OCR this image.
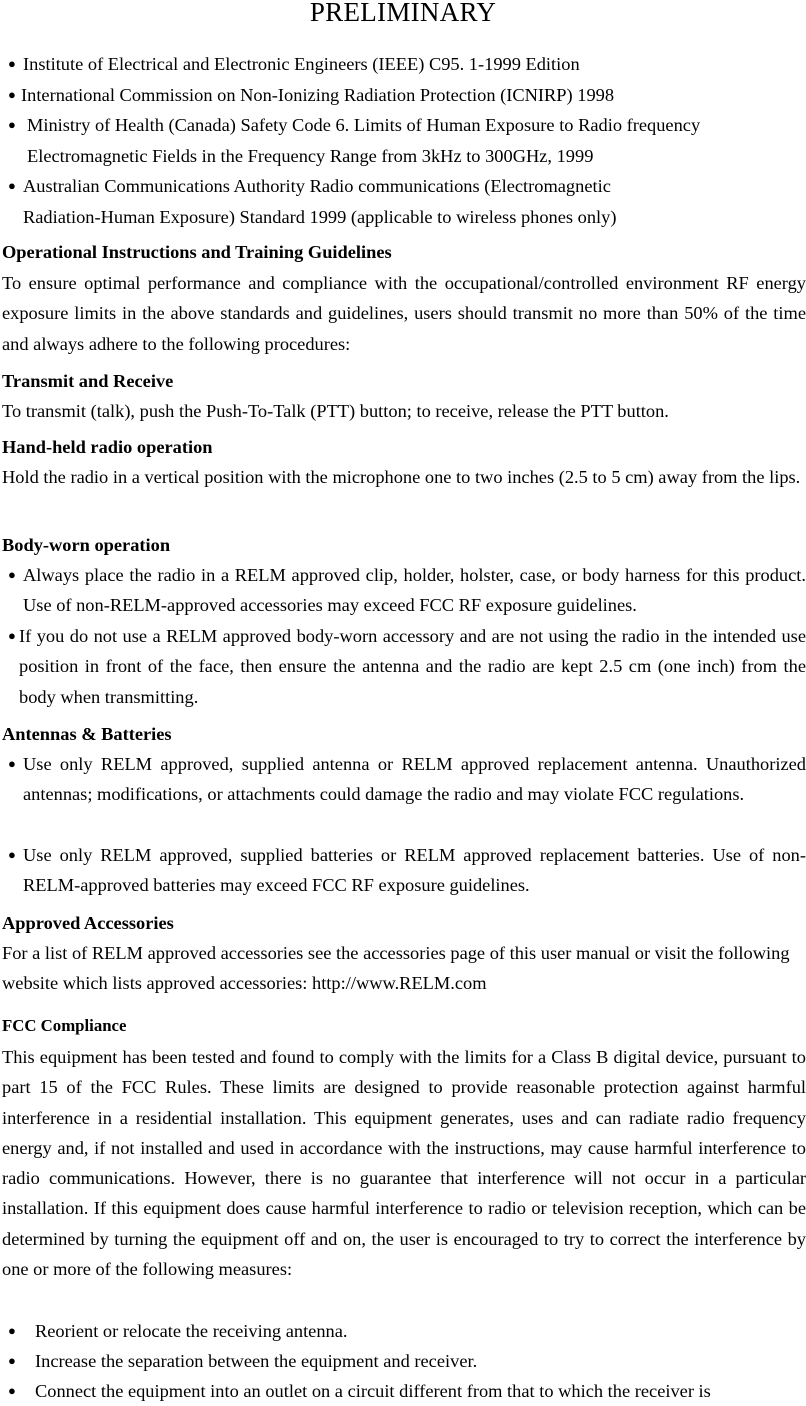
PRELIMINARY
● Institute of Electrical and Electronic Engineers (IEEE) C95. 1-1999 Edition
● International Commission on Non-Ionizing Radiation Protection (ICNIRP) 1998
● Ministry of Health (Canada) Safety Code 6. Limits of Human Exposure to Radio frequency
Electromagnetic Fields in the Frequency Range from 3kHz to 300GHz, 1999
● Australian Communications Authority Radio communications (Electromagnetic
Radiation-Human Exposure) Standard 1999 (applicable to wireless phones only)
Operational Instructions and Training Guidelines
To ensure optimal performance and compliance with the occupational/controlled environment RF energy exposure limits in the above standards and guidelines, users should transmit no more than 50% of the time and always adhere to the following procedures:
Transmit and Receive
To transmit (talk), push the Push-To-Talk (PTT) button; to receive, release the PTT button.
Hand-held radio operation
Hold the radio in a vertical position with the microphone one to two inches (2.5 to 5 cm) away from the lips.
Body-worn operation
● Always place the radio in a RELM approved clip, holder, holster, case, or body harness for this product. Use of non-RELM-approved accessories may exceed FCC RF exposure guidelines.
● If you do not use a RELM approved body-worn accessory and are not using the radio in the intended use position in front of the face, then ensure the antenna and the radio are kept 2.5 cm (one inch) from the body when transmitting.
Antennas & Batteries
● Use only RELM approved, supplied antenna or RELM approved replacement antenna. Unauthorized antennas; modifications, or attachments could damage the radio and may violate FCC regulations.
● Use only RELM approved, supplied batteries or RELM approved replacement batteries. Use of non-RELM-approved batteries may exceed FCC RF exposure guidelines.
Approved Accessories
For a list of RELM approved accessories see the accessories page of this user manual or visit the following website which lists approved accessories: http://www.RELM.com
FCC Compliance
This equipment has been tested and found to comply with the limits for a Class B digital device, pursuant to part 15 of the FCC Rules. These limits are designed to provide reasonable protection against harmful interference in a residential installation. This equipment generates, uses and can radiate radio frequency energy and, if not installed and used in accordance with the instructions, may cause harmful interference to radio communications. However, there is no guarantee that interference will not occur in a particular installation. If this equipment does cause harmful interference to radio or television reception, which can be determined by turning the equipment off and on, the user is encouraged to try to correct the interference by one or more of the following measures:
● Reorient or relocate the receiving antenna.
● Increase the separation between the equipment and receiver.
● Connect the equipment into an outlet on a circuit different from that to which the receiver is
